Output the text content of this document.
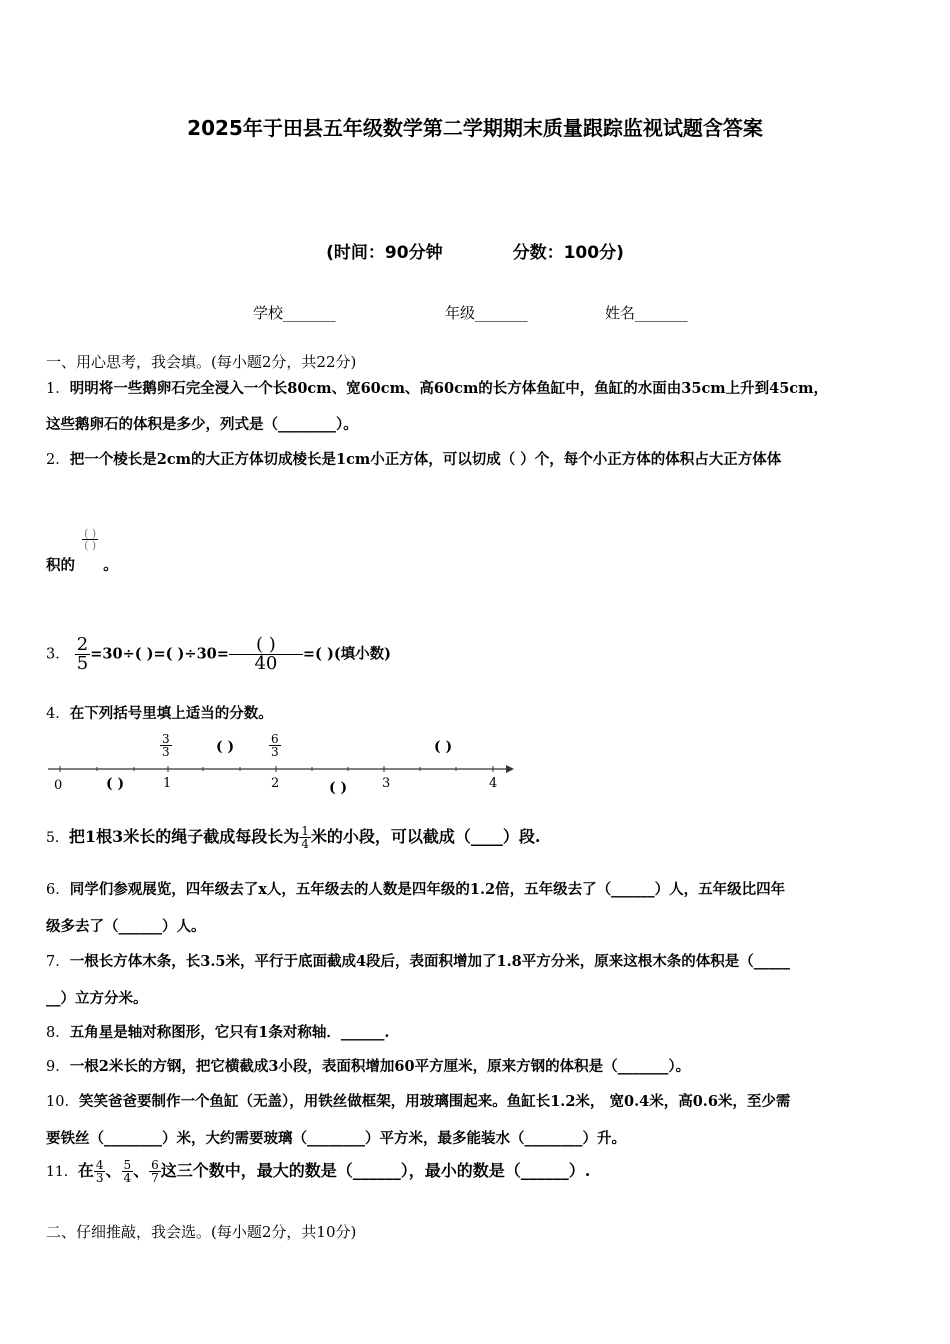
2025年于田县五年级数学第二学期期末质量跟踪监视试题含答案
(时间：90分钟	分数：100分)
学校_______	年级_______	姓名_______
一、用心思考，我会填。(每小题2分，共22分)
1．明明将一些鹅卵石完全浸入一个长80cm、宽60cm、高60cm的长方体鱼缸中，鱼缸的水面由35cm上升到45cm，
这些鹅卵石的体积是多少，列式是（________）。
2．把一个棱长是2cm的大正方体切成棱长是1cm小正方体，可以切成（ ）个，每个小正方体的体积占大正方体体
积的
$\frac{( )}{( )}$
。
3． $\frac{2}{5} =30\div$( )=( )$\div 30= \frac{( )}{40}$ =( )(填小数)
4．在下列括号里填上适当的分数。
0	1	2	3	4
$\frac{3}{3}$	( )	$\frac{6}{3}$	( )
( )	( )
5．把1根3米长的绳子截成每段长为 $\frac{1}{4}$ 米的小段，可以截成（____）段.
6．同学们参观展览，四年级去了x人，五年级去的人数是四年级的1.2倍，五年级去了（______）人，五年级比四年
级多去了（______）人。
7．一根长方体木条，长3.5米，平行于底面截成4段后，表面积增加了1.8平方分米，原来这根木条的体积是（_____
__）立方分米。
8．五角星是轴对称图形，它只有1条对称轴．______.
9．一根2米长的方钢，把它横截成3小段，表面积增加60平方厘米，原来方钢的体积是（_______）。
10．笑笑爸爸要制作一个鱼缸（无盖），用铁丝做框架，用玻璃围起来。鱼缸长1.2米， 宽0.4米，高0.6米，至少需
要铁丝（________）米，大约需要玻璃（________）平方米，最多能装水（________）升。
11．在 $\frac{4}{3}$ 、 $\frac{5}{4}$ 、 $\frac{6}{7}$ 这三个数中，最大的数是（______），最小的数是（______）.
二、仔细推敲，我会选。(每小题2分，共10分)
